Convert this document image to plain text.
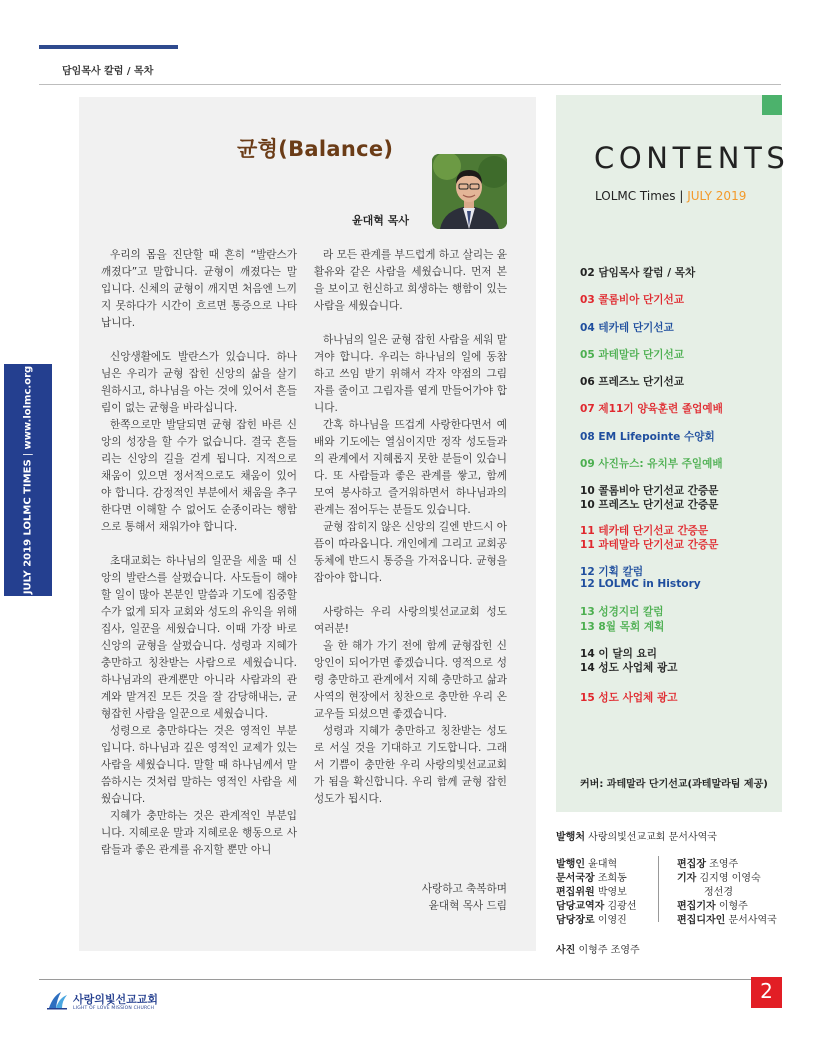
담임목사 칼럼 / 목차
JULY 2019 LOLMC TIMES | www.lolmc.org
균형(Balance)
윤대혁 목사

우리의 몸을 진단할 때 흔히 “발란스가 깨졌다”고 말합니다. 균형이 깨졌다는 말입니다. 신체의 균형이 깨지면 처음엔 느끼지 못하다가 시간이 흐르면 통증으로 나타납니다.

신앙생활에도 발란스가 있습니다. 하나님은 우리가 균형 잡힌 신앙의 삶을 살기 원하시고, 하나님을 아는 것에 있어서 흔들림이 없는 균형을 바라십니다.

한쪽으로만 발달되면 균형 잡힌 바른 신앙의 성장을 할 수가 없습니다. 결국 흔들리는 신앙의 길을 걷게 됩니다. 지적으로 채움이 있으면 정서적으로도 채움이 있어야 합니다. 감정적인 부분에서 채움을 추구한다면 이해할 수 없어도 순종이라는 행함으로 통해서 채워가야 합니다.

초대교회는 하나님의 일꾼을 세울 때 신앙의 발란스를 살폈습니다. 사도들이 해야 할 일이 많아 본분인 말씀과 기도에 집중할 수가 없게 되자 교회와 성도의 유익을 위해 집사, 일꾼을 세웠습니다. 이때 가장 바로 신앙의 균형을 살폈습니다. 성령과 지혜가 충만하고 칭찬받는 사람으로 세웠습니다. 하나님과의 관계뿐만 아니라 사람과의 관계와 맡겨진 모든 것을 잘 감당해내는, 균형잡힌 사람을 일꾼으로 세웠습니다.

성령으로 충만하다는 것은 영적인 부분입니다. 하나님과 깊은 영적인 교제가 있는 사람을 세웠습니다. 말할 때 하나님께서 말씀하시는 것처럼 말하는 영적인 사람을 세웠습니다.

지혜가 충만하는 것은 관계적인 부분입니다. 지혜로운 말과 지혜로운 행동으로 사람들과 좋은 관계를 유지할 뿐만 아니

라 모든 관계를 부드럽게 하고 살리는 윤활유와 같은 사람을 세웠습니다. 먼저 본을 보이고 헌신하고 희생하는 행함이 있는 사람을 세웠습니다.

하나님의 일은 균형 잡힌 사람을 세워 맡겨야 합니다. 우리는 하나님의 일에 동참하고 쓰임 받기 위해서 각자 약점의 그림자를 줄이고 그림자를 옅게 만들어가야 합니다.

간혹 하나님을 뜨겁게 사랑한다면서 예배와 기도에는 열심이지만 정작 성도들과의 관계에서 지혜롭지 못한 분들이 있습니다. 또 사람들과 좋은 관계를 쌓고, 함께 모여 봉사하고 즐거워하면서 하나님과의 관계는 점어두는 분들도 있습니다.

균형 잡히지 않은 신앙의 길엔 반드시 아픔이 따라옵니다. 개인에게 그리고 교회공동체에 반드시 통증을 가져옵니다. 균형을 잡아야 합니다.

사랑하는 우리 사랑의빛선교교회 성도 여러분!

올 한 해가 가기 전에 함께 균형잡힌 신앙인이 되어가면 좋겠습니다. 영적으로 성령 충만하고 관계에서 지혜 충만하고 삶과 사역의 현장에서 칭찬으로 충만한 우리 온 교우들 되셨으면 좋겠습니다.

성령과 지혜가 충만하고 칭찬받는 성도로 서실 것을 기대하고 기도합니다. 그래서 기쁨이 충만한 우리 사랑의빛선교교회가 됨을 확신합니다. 우리 함께 균형 잡힌 성도가 됩시다.

사랑하고 축복하며
윤대혁 목사 드림
CONTENTS
LOLMC Times | JULY 2019
02 담임목사 칼럼 / 목차
03 콜롬비아 단기선교
04 테카테 단기선교
05 과테말라 단기선교
06 프레즈노 단기선교
07 제11기 양육훈련 졸업예배
08 EM Lifepointe 수양회
09 사진뉴스: 유치부 주일예배
10 콜롬비아 단기선교 간증문
10 프레즈노 단기선교 간증문
11 테카테 단기선교 간증문
11 과테말라 단기선교 간증문
12 기획 칼럼
12 LOLMC in History
13 성경지리 칼럼
13 8월 목회 계획
14 이 달의 요리
14 성도 사업체 광고
15 성도 사업체 광고
커버: 과테말라 단기선교(과테말라팀 제공)
발행처 사랑의빛선교교회 문서사역국
발행인 윤대혁
문서국장 조희동
편집위원 박영보
담당교역자 김광선
담당장로 이영진
편집장 조영주
기자 김지영 이영숙
정선경
편집기자 이형주
편집디자인 문서사역국
사진 이형주 조영주
사랑의빛선교교회
LIGHT OF LOVE MISSION CHURCH
2
